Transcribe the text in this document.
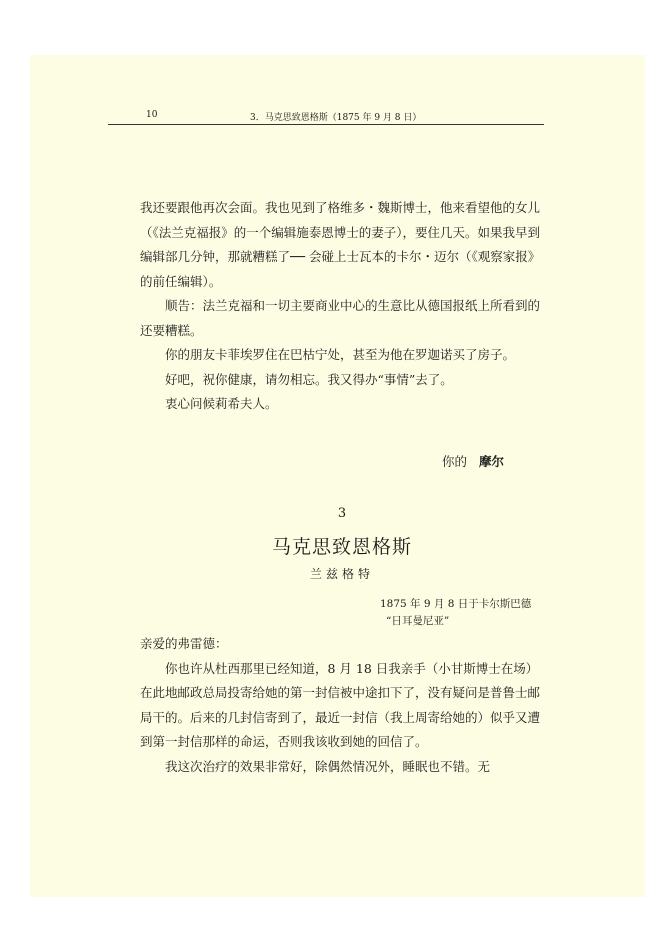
10	3．马克思致恩格斯（1875 年 9 月 8 日）

我还要跟他再次会面。我也见到了格维多・魏斯博士，他来看望他的女儿（《法兰克福报》的一个编辑施泰恩博士的妻子），要住几天。如果我早到编辑部几分钟，那就糟糕了── 会碰上士瓦本的卡尔・迈尔（《观察家报》的前任编辑）。

顺告：法兰克福和一切主要商业中心的生意比从德国报纸上所看到的还要糟糕。

你的朋友卡菲埃罗住在巴枯宁处，甚至为他在罗迦诺买了房子。

好吧，祝你健康，请勿相忘。我又得办“事情”去了。

衷心问候莉希夫人。

你的 摩尔
3
马克思致恩格斯
兰兹格特
1875 年 9 月 8 日于卡尔斯巴德
“日耳曼尼亚”

亲爱的弗雷德：

你也许从杜西那里已经知道，8 月 18 日我亲手（小甘斯博士在场）在此地邮政总局投寄给她的第一封信被中途扣下了，没有疑问是普鲁士邮局干的。后来的几封信寄到了，最近一封信（我上周寄给她的）似乎又遭到第一封信那样的命运，否则我该收到她的回信了。

我这次治疗的效果非常好，除偶然情况外，睡眠也不错。无
